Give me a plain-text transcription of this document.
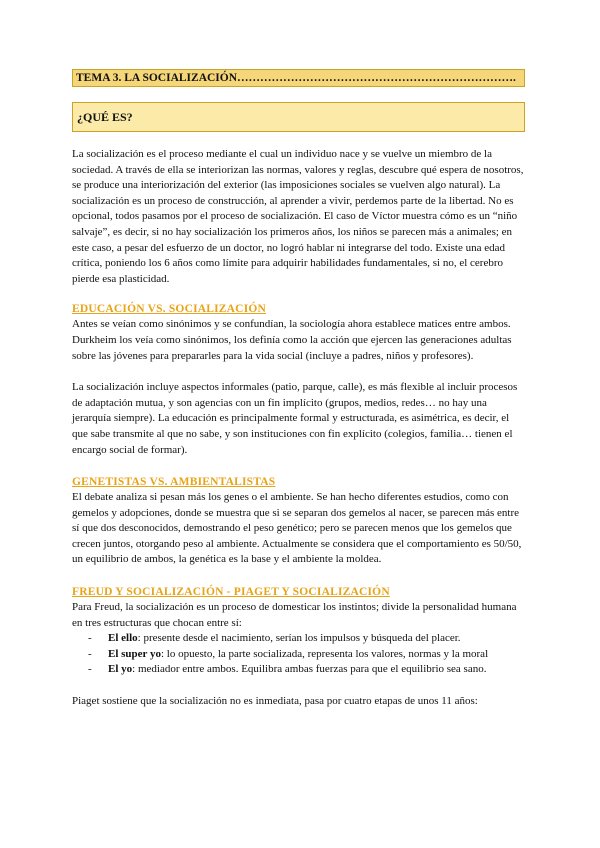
TEMA 3. LA SOCIALIZACIÓN……………………………………………………………….
¿QUÉ ES?

La socialización es el proceso mediante el cual un individuo nace y se vuelve un miembro de la sociedad. A través de ella se interiorizan las normas, valores y reglas, descubre qué espera de nosotros, se produce una interiorización del exterior (las imposiciones sociales se vuelven algo natural). La socialización es un proceso de construcción, al aprender a vivir, perdemos parte de la libertad. No es opcional, todos pasamos por el proceso de socialización. El caso de Víctor muestra cómo es un “niño salvaje”, es decir, si no hay socialización los primeros años, los niños se parecen más a animales; en este caso, a pesar del esfuerzo de un doctor, no logró hablar ni integrarse del todo. Existe una edad crítica, poniendo los 6 años como límite para adquirir habilidades fundamentales, si no, el cerebro pierde esa plasticidad.

EDUCACIÓN VS. SOCIALIZACIÓN

Antes se veían como sinónimos y se confundían, la sociología ahora establece matices entre ambos. Durkheim los veía como sinónimos, los definía como la acción que ejercen las generaciones adultas sobre las jóvenes para prepararles para la vida social (incluye a padres, niños y profesores).

La socialización incluye aspectos informales (patio, parque, calle), es más flexible al incluir procesos de adaptación mutua, y son agencias con un fin implícito (grupos, medios, redes… no hay una jerarquía siempre). La educación es principalmente formal y estructurada, es asimétrica, es decir, el que sabe transmite al que no sabe, y son instituciones con fin explícito (colegios, familia… tienen el encargo social de formar).

GENETISTAS VS. AMBIENTALISTAS

El debate analiza si pesan más los genes o el ambiente. Se han hecho diferentes estudios, como con gemelos y adopciones, donde se muestra que si se separan dos gemelos al nacer, se parecen más entre sí que dos desconocidos, demostrando el peso genético; pero se parecen menos que los gemelos que crecen juntos, otorgando peso al ambiente. Actualmente se considera que el comportamiento es 50/50, un equilibrio de ambos, la genética es la base y el ambiente la moldea.

FREUD Y SOCIALIZACIÓN - PIAGET Y SOCIALIZACIÓN

Para Freud, la socialización es un proceso de domesticar los instintos; divide la personalidad humana en tres estructuras que chocan entre sí:

- El ello: presente desde el nacimiento, serían los impulsos y búsqueda del placer.
- El super yo: lo opuesto, la parte socializada, representa los valores, normas y la moral
- El yo: mediador entre ambos. Equilibra ambas fuerzas para que el equilibrio sea sano.

Piaget sostiene que la socialización no es inmediata, pasa por cuatro etapas de unos 11 años:
